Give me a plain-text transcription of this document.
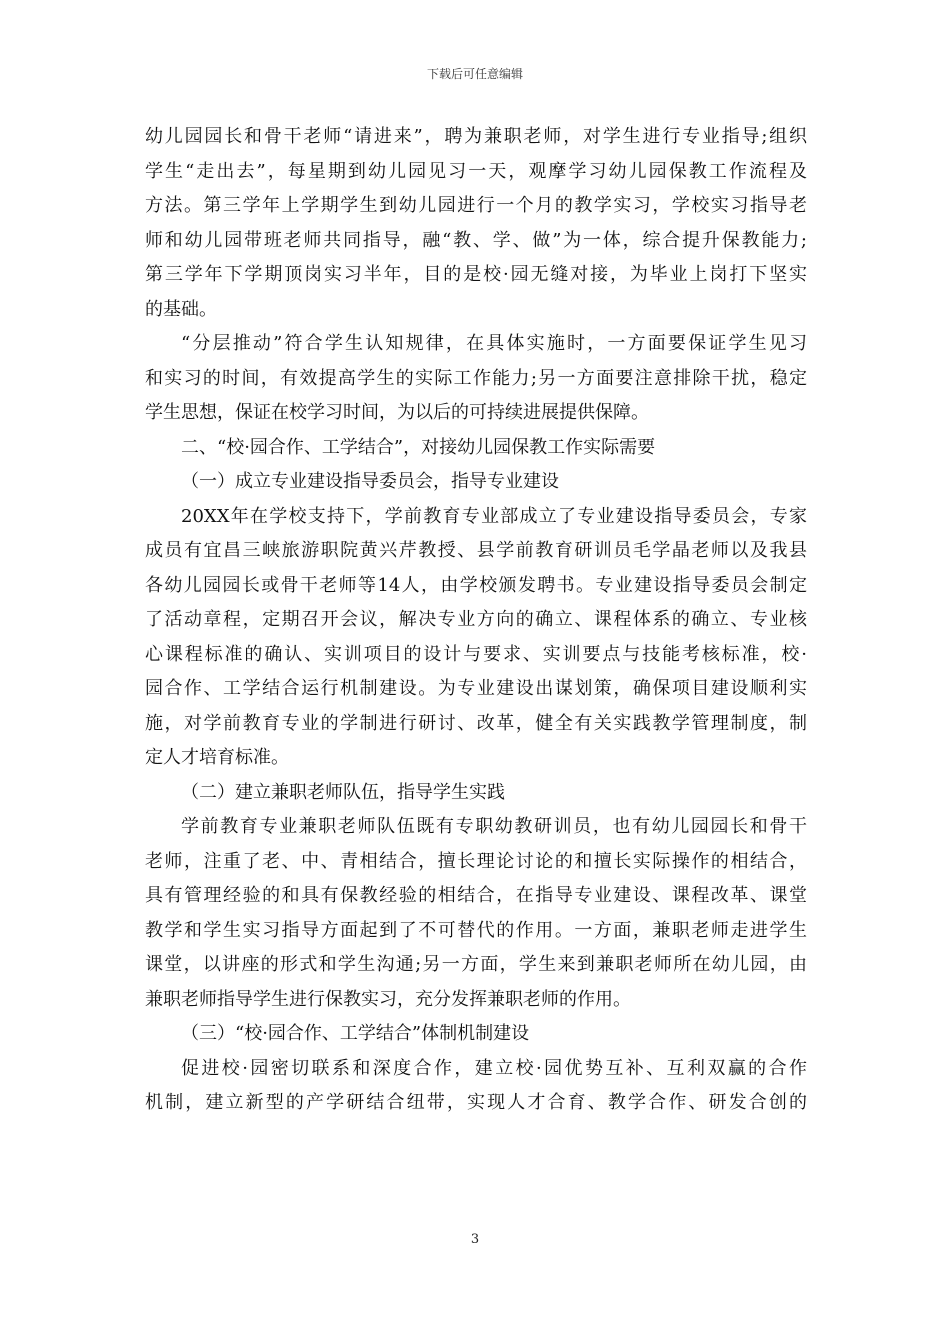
下载后可任意编辑
幼儿园园长和骨干老师“请进来”，聘为兼职老师，对学生进行专业指导;组织
学生“走出去”，每星期到幼儿园见习一天，观摩学习幼儿园保教工作流程及
方法。第三学年上学期学生到幼儿园进行一个月的教学实习，学校实习指导老
师和幼儿园带班老师共同指导，融“教、学、做”为一体，综合提升保教能力;
第三学年下学期顶岗实习半年，目的是校·园无缝对接，为毕业上岗打下坚实
的基础。
“分层推动”符合学生认知规律，在具体实施时，一方面要保证学生见习
和实习的时间，有效提高学生的实际工作能力;另一方面要注意排除干扰，稳定
学生思想，保证在校学习时间，为以后的可持续进展提供保障。
二、“校·园合作、工学结合”，对接幼儿园保教工作实际需要
（一）成立专业建设指导委员会，指导专业建设
20XX年在学校支持下，学前教育专业部成立了专业建设指导委员会，专家
成员有宜昌三峡旅游职院黄兴芹教授、县学前教育研训员毛学晶老师以及我县
各幼儿园园长或骨干老师等14人，由学校颁发聘书。专业建设指导委员会制定
了活动章程，定期召开会议，解决专业方向的确立、课程体系的确立、专业核
心课程标准的确认、实训项目的设计与要求、实训要点与技能考核标准，校·
园合作、工学结合运行机制建设。为专业建设出谋划策，确保项目建设顺利实
施，对学前教育专业的学制进行研讨、改革，健全有关实践教学管理制度，制
定人才培育标准。
（二）建立兼职老师队伍，指导学生实践
学前教育专业兼职老师队伍既有专职幼教研训员，也有幼儿园园长和骨干
老师，注重了老、中、青相结合，擅长理论讨论的和擅长实际操作的相结合，
具有管理经验的和具有保教经验的相结合，在指导专业建设、课程改革、课堂
教学和学生实习指导方面起到了不可替代的作用。一方面，兼职老师走进学生
课堂，以讲座的形式和学生沟通;另一方面，学生来到兼职老师所在幼儿园，由
兼职老师指导学生进行保教实习，充分发挥兼职老师的作用。
（三）“校·园合作、工学结合”体制机制建设
促进校·园密切联系和深度合作，建立校·园优势互补、互利双赢的合作
机制，建立新型的产学研结合纽带，实现人才合育、教学合作、研发合创的
3
